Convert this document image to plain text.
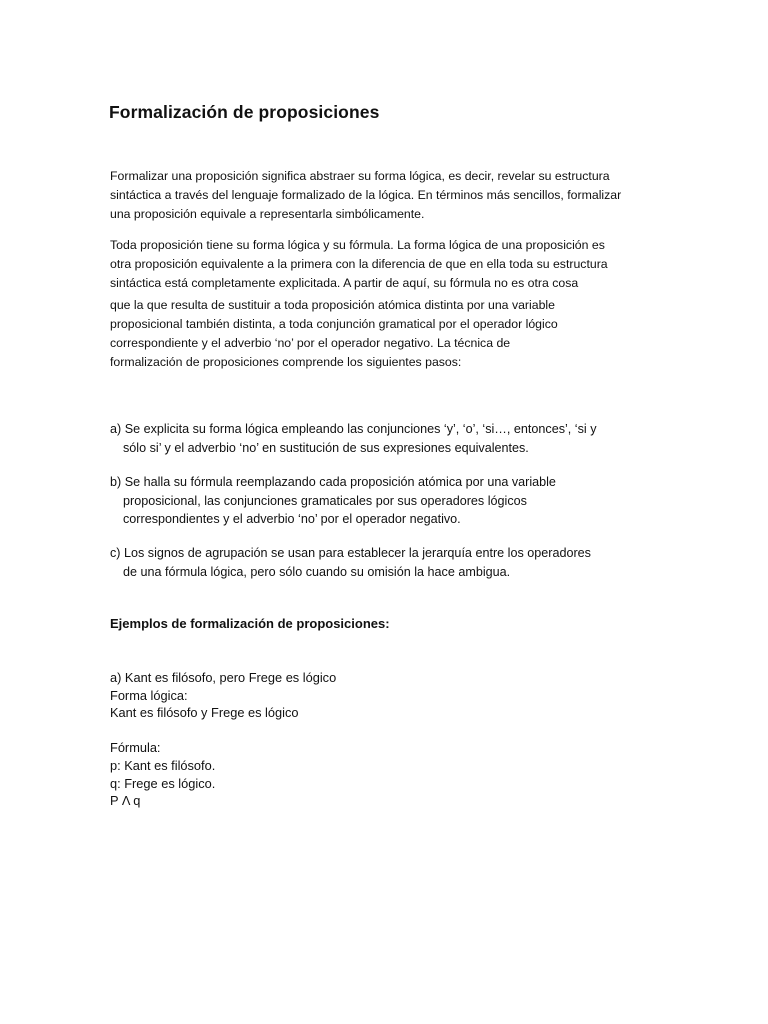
Formalización de proposiciones

Formalizar una proposición significa abstraer su forma lógica, es decir, revelar su estructura
sintáctica a través del lenguaje formalizado de la lógica. En términos más sencillos, formalizar
una proposición equivale a representarla simbólicamente.

Toda proposición tiene su forma lógica y su fórmula. La forma lógica de una proposición es
otra proposición equivalente a la primera con la diferencia de que en ella toda su estructura
sintáctica está completamente explicitada. A partir de aquí, su fórmula no es otra cosa
que la que resulta de sustituir a toda proposición atómica distinta por una variable
proposicional también distinta, a toda conjunción gramatical por el operador lógico
correspondiente y el adverbio ‘no’ por el operador negativo. La técnica de
formalización de proposiciones comprende los siguientes pasos:

a) Se explicita su forma lógica empleando las conjunciones ‘y’, ‘o’, ‘si…, entonces’, ‘si y
sólo si’ y el adverbio ‘no’ en sustitución de sus expresiones equivalentes.

b) Se halla su fórmula reemplazando cada proposición atómica por una variable
proposicional, las conjunciones gramaticales por sus operadores lógicos
correspondientes y el adverbio ‘no’ por el operador negativo.

c) Los signos de agrupación se usan para establecer la jerarquía entre los operadores
de una fórmula lógica, pero sólo cuando su omisión la hace ambigua.

Ejemplos de formalización de proposiciones:
a) Kant es filósofo, pero Frege es lógico
Forma lógica:
Kant es filósofo y Frege es lógico
Fórmula:
p: Kant es filósofo.
q: Frege es lógico.
P Λ q
